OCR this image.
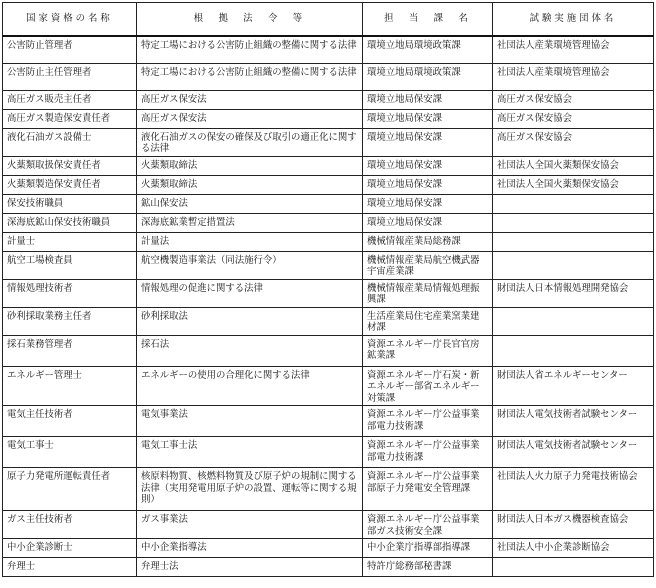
国家資格の名称	根　拠　法　令　等	担　当　課　名	試験実施団体名
公害防止管理者	特定工場における公害防止組織の整備に関する法律	環境立地局環境政策課	社団法人産業環境管理協会
公害防止主任管理者	特定工場における公害防止組織の整備に関する法律	環境立地局環境政策課	社団法人産業環境管理協会
高圧ガス販売主任者	高圧ガス保安法	環境立地局保安課	高圧ガス保安協会
高圧ガス製造保安責任者	高圧ガス保安法	環境立地局保安課	高圧ガス保安協会
液化石油ガス設備士	液化石油ガスの保安の確保及び取引の適正化に関する法律	環境立地局保安課	高圧ガス保安協会
火薬類取扱保安責任者	火薬類取締法	環境立地局保安課	社団法人全国火薬類保安協会
火薬類製造保安責任者	火薬類取締法	環境立地局保安課	社団法人全国火薬類保安協会
保安技術職員	鉱山保安法	環境立地局保安課	
深海底鉱山保安技術職員	深海底鉱業暫定措置法	環境立地局保安課	
計量士	計量法	機械情報産業局総務課	
航空工場検査員	航空機製造事業法（同法施行令）	機械情報産業局航空機武器宇宙産業課	
情報処理技術者	情報処理の促進に関する法律	機械情報産業局情報処理振興課	財団法人日本情報処理開発協会
砂利採取業務主任者	砂利採取法	生活産業局住宅産業窯業建材課	
採石業務管理者	採石法	資源エネルギー庁長官官房鉱業課	
エネルギー管理士	エネルギーの使用の合理化に関する法律	資源エネルギー庁石炭・新エネルギー部省エネルギー対策課	財団法人省エネルギーセンター
電気主任技術者	電気事業法	資源エネルギー庁公益事業部電力技術課	財団法人電気技術者試験センター
電気工事士	電気工事士法	資源エネルギー庁公益事業部電力技術課	財団法人電気技術者試験センター
原子力発電所運転責任者	核原料物質、核燃料物質及び原子炉の規制に関する法律（実用発電用原子炉の設置、運転等に関する規則）	資源エネルギー庁公益事業部原子力発電安全管理課	社団法人火力原子力発電技術協会
ガス主任技術者	ガス事業法	資源エネルギー庁公益事業部ガス技術安全課	財団法人日本ガス機器検査協会
中小企業診断士	中小企業指導法	中小企業庁指導部指導課	社団法人中小企業診断協会
弁理士	弁理士法	特許庁総務部秘書課	
